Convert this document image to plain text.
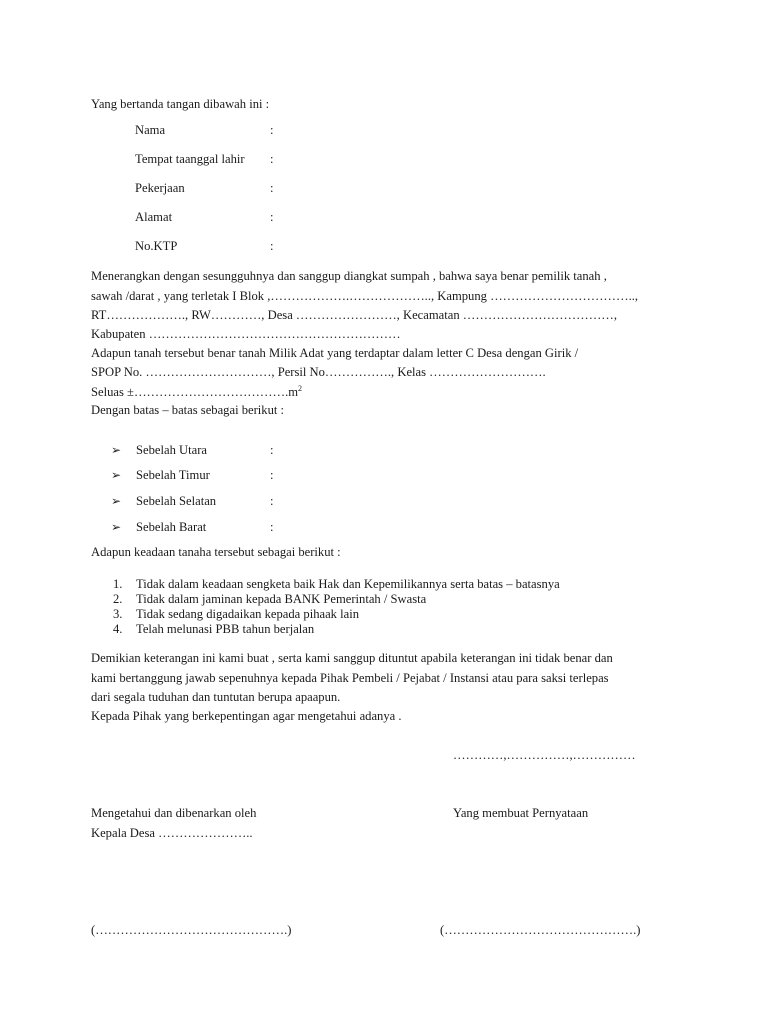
Yang bertanda tangan dibawah ini :
Nama	:
Tempat taanggal lahir :
Pekerjaan	:
Alamat	:
No.KTP	:
Menerangkan dengan sesungguhnya dan sanggup diangkat sumpah , bahwa saya benar pemilik tanah ,
sawah /darat , yang terletak I Blok ,……………….……………….., Kampung ……………………………..,
RT………………., RW…………, Desa ……………………, Kecamatan ………………………………,
Kabupaten ……………………………………………………
Adapun tanah tersebut benar tanah Milik Adat yang terdaptar dalam letter C Desa dengan Girik /
SPOP No. …………………………, Persil No……………., Kelas ……………………….
Seluas $\pm\dots\dots\dots\dots\dots\dots\dots\dots\dots\dots\dots\dots.m^2$
Dengan batas – batas sebagai berikut :
➢ Sebelah Utara	:
➢ Sebelah Timur	:
➢ Sebelah Selatan	:
➢ Sebelah Barat	:
Adapun keadaan tanaha tersebut sebagai berikut :
1. Tidak dalam keadaan sengketa baik Hak dan Kepemilikannya serta batas – batasnya
2. Tidak dalam jaminan kepada BANK Pemerintah / Swasta
3. Tidak sedang digadaikan kepada pihaak lain
4. Telah melunasi PBB tahun berjalan
Demikian keterangan ini kami buat , serta kami sanggup dituntut apabila keterangan ini tidak benar dan
kami bertanggung jawab sepenuhnya kepada Pihak Pembeli / Pejabat / Instansi atau para saksi terlepas
dari segala tuduhan dan tuntutan berupa apaapun.
Kepada Pihak yang berkepentingan agar mengetahui adanya .
…………,……………,……………
Mengetahui dan dibenarkan oleh	Yang membuat Pernyataan
Kepala Desa …………………..
(……………………………………….)	(……………………………………….)
